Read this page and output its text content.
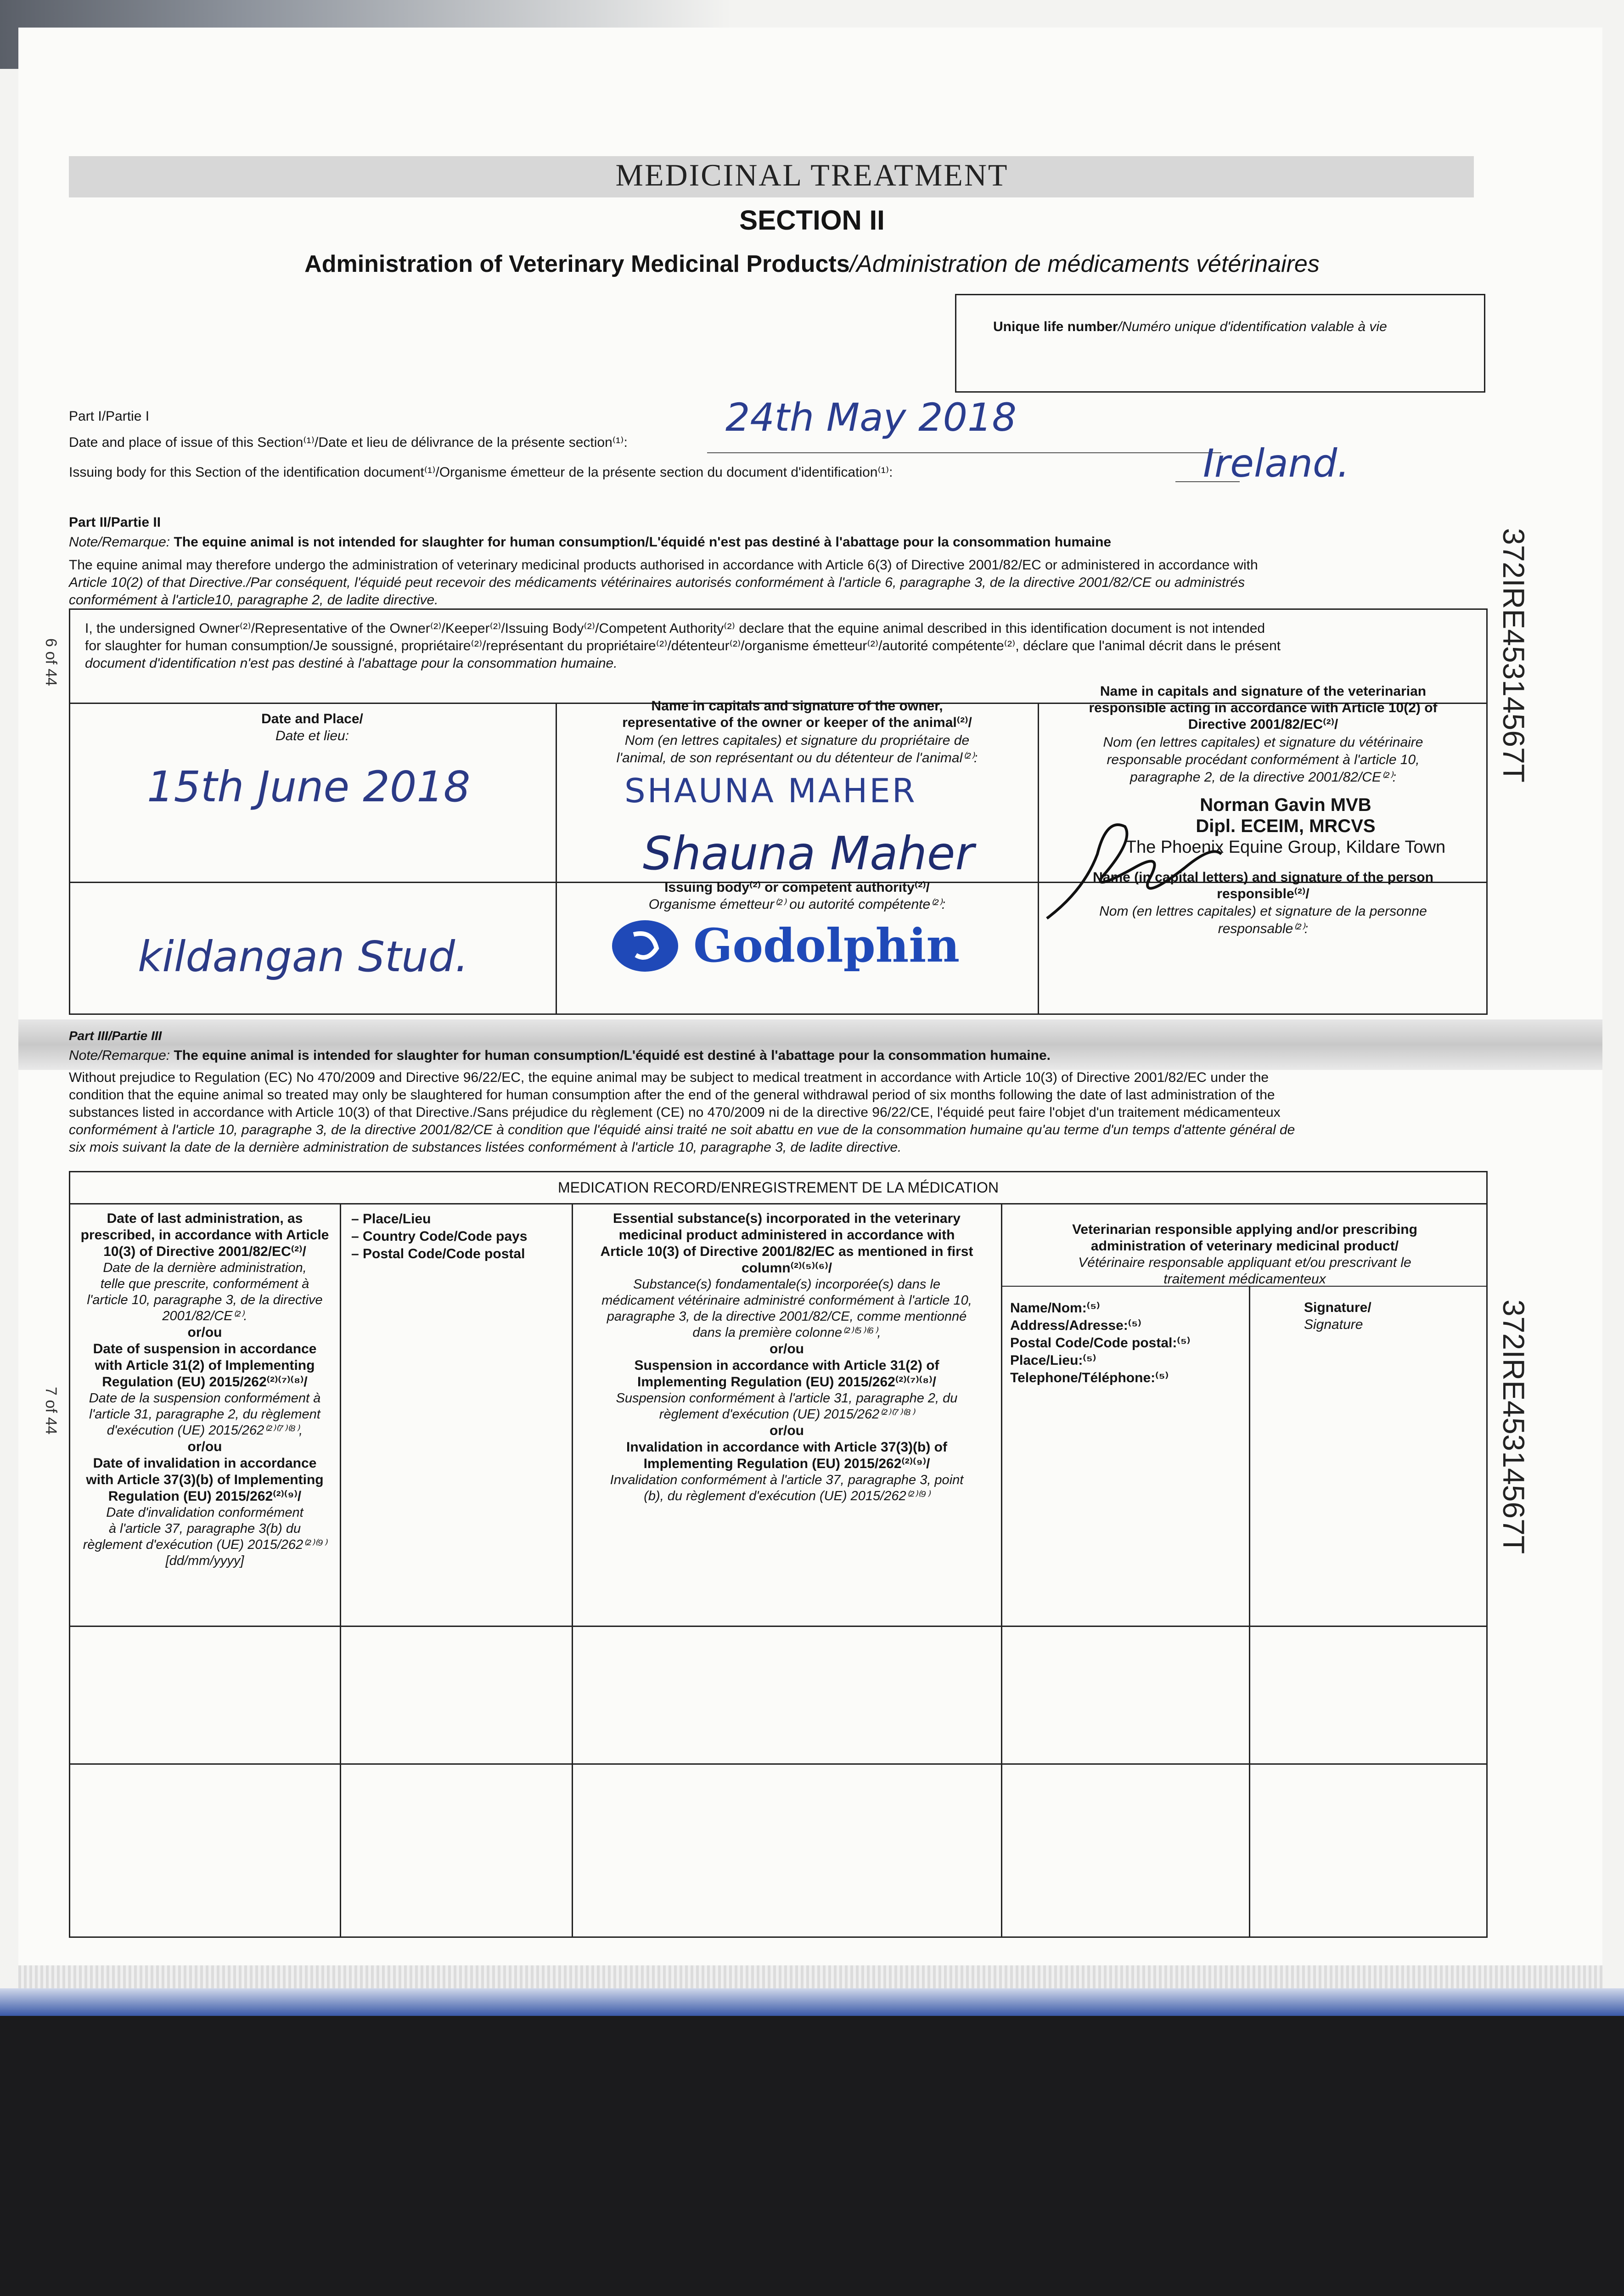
MEDICINAL TREATMENT
SECTION II
Administration of Veterinary Medicinal Products/Administration de médicaments vétérinaires
Unique life number/Numéro unique d'identification valable à vie
Part I/Partie I
Date and place of issue of this Section⁽¹⁾/Date et lieu de délivrance de la présente section⁽¹⁾:
24th May 2018
Issuing body for this Section of the identification document⁽¹⁾/Organisme émetteur de la présente section du document d'identification⁽¹⁾:	Ireland.
Part II/Partie II
Note/Remarque: The equine animal is not intended for slaughter for human consumption/L'équidé n'est pas destiné à l'abattage pour la consommation humaine
The equine animal may therefore undergo the administration of veterinary medicinal products authorised in accordance with Article 6(3) of Directive 2001/82/EC or administered in accordance with
Article 10(2) of that Directive./Par conséquent, l'équidé peut recevoir des médicaments vétérinaires autorisés conformément à l'article 6, paragraphe 3, de la directive 2001/82/CE ou administrés
conformément à l'article10, paragraphe 2, de ladite directive.
I, the undersigned Owner⁽²⁾/Representative of the Owner⁽²⁾/Keeper⁽²⁾/Issuing Body⁽²⁾/Competent Authority⁽²⁾ declare that the equine animal described in this identification document is not intended
for slaughter for human consumption/Je soussigné, propriétaire⁽²⁾/représentant du propriétaire⁽²⁾/détenteur⁽²⁾/organisme émetteur⁽²⁾/autorité compétente⁽²⁾, déclare que l'animal décrit dans le présent
document d'identification n'est pas destiné à l'abattage pour la consommation humaine.
Date and Place/
Date et lieu:
15th June 2018
kildangan Stud.
Name in capitals and signature of the owner,
representative of the owner or keeper of the animal⁽²⁾/
Nom (en lettres capitales) et signature du propriétaire de
l'animal, de son représentant ou du détenteur de l'animal⁽²⁾:
SHAUNA MAHER
Shauna Maher
Issuing body⁽²⁾ or competent authority⁽²⁾/
Organisme émetteur⁽²⁾ ou autorité compétente⁽²⁾:
Godolphin
Name in capitals and signature of the veterinarian
responsible acting in accordance with Article 10(2) of
Directive 2001/82/EC⁽²⁾/
Nom (en lettres capitales) et signature du vétérinaire
responsable procédant conformément à l'article 10,
paragraphe 2, de la directive 2001/82/CE⁽²⁾:
Norman Gavin MVB
Dipl. ECEIM, MRCVS
The Phoenix Equine Group, Kildare Town
Name (in capital letters) and signature of the person
responsible⁽²⁾/
Nom (en lettres capitales) et signature de la personne
responsable⁽²⁾:
Part III/Partie III
Note/Remarque: The equine animal is intended for slaughter for human consumption/L'équidé est destiné à l'abattage pour la consommation humaine.
Without prejudice to Regulation (EC) No 470/2009 and Directive 96/22/EC, the equine animal may be subject to medical treatment in accordance with Article 10(3) of Directive 2001/82/EC under the
condition that the equine animal so treated may only be slaughtered for human consumption after the end of the general withdrawal period of six months following the date of last administration of the
substances listed in accordance with Article 10(3) of that Directive./Sans préjudice du règlement (CE) no 470/2009 ni de la directive 96/22/CE, l'équidé peut faire l'objet d'un traitement médicamenteux
conformément à l'article 10, paragraphe 3, de la directive 2001/82/CE à condition que l'équidé ainsi traité ne soit abattu en vue de la consommation humaine qu'au terme d'un temps d'attente général de
six mois suivant la date de la dernière administration de substances listées conformément à l'article 10, paragraphe 3, de ladite directive.
MEDICATION RECORD/ENREGISTREMENT DE LA MÉDICATION
Date of last administration, as
prescribed, in accordance with Article
10(3) of Directive 2001/82/EC⁽²⁾/
Date de la dernière administration,
telle que prescrite, conformément à
l'article 10, paragraphe 3, de la directive
2001/82/CE⁽²⁾.
or/ou
Date of suspension in accordance
with Article 31(2) of Implementing
Regulation (EU) 2015/262⁽²⁾⁽⁷⁾⁽⁸⁾/
Date de la suspension conformément à
l'article 31, paragraphe 2, du règlement
d'exécution (UE) 2015/262⁽²⁾⁽⁷⁾⁽⁸⁾,
or/ou
Date of invalidation in accordance
with Article 37(3)(b) of Implementing
Regulation (EU) 2015/262⁽²⁾⁽⁹⁾/
Date d'invalidation conformément
à l'article 37, paragraphe 3(b) du
règlement d'exécution (UE) 2015/262⁽²⁾⁽⁹⁾
[dd/mm/yyyy]
– Place/Lieu
– Country Code/Code pays
– Postal Code/Code postal
Essential substance(s) incorporated in the veterinary
medicinal product administered in accordance with
Article 10(3) of Directive 2001/82/EC as mentioned in first
column⁽²⁾⁽⁵⁾⁽⁶⁾/
Substance(s) fondamentale(s) incorporée(s) dans le
médicament vétérinaire administré conformément à l'article 10,
paragraphe 3, de la directive 2001/82/CE, comme mentionné
dans la première colonne⁽²⁾⁽⁵⁾⁽⁶⁾,
or/ou
Suspension in accordance with Article 31(2) of
Implementing Regulation (EU) 2015/262⁽²⁾⁽⁷⁾⁽⁸⁾/
Suspension conformément à l'article 31, paragraphe 2, du
règlement d'exécution (UE) 2015/262⁽²⁾⁽⁷⁾⁽⁸⁾
or/ou
Invalidation in accordance with Article 37(3)(b) of
Implementing Regulation (EU) 2015/262⁽²⁾⁽⁹⁾/
Invalidation conformément à l'article 37, paragraphe 3, point
(b), du règlement d'exécution (UE) 2015/262⁽²⁾⁽⁹⁾
Veterinarian responsible applying and/or prescribing
administration of veterinary medicinal product/
Vétérinaire responsable appliquant et/ou prescrivant le
traitement médicamenteux
Name/Nom:⁽⁵⁾
Address/Adresse:⁽⁵⁾
Postal Code/Code postal:⁽⁵⁾
Place/Lieu:⁽⁵⁾
Telephone/Téléphone:⁽⁵⁾
Signature/
Signature
372IRE4531456​7T
372IRE4531456​7T
6 of 44
7 of 44
